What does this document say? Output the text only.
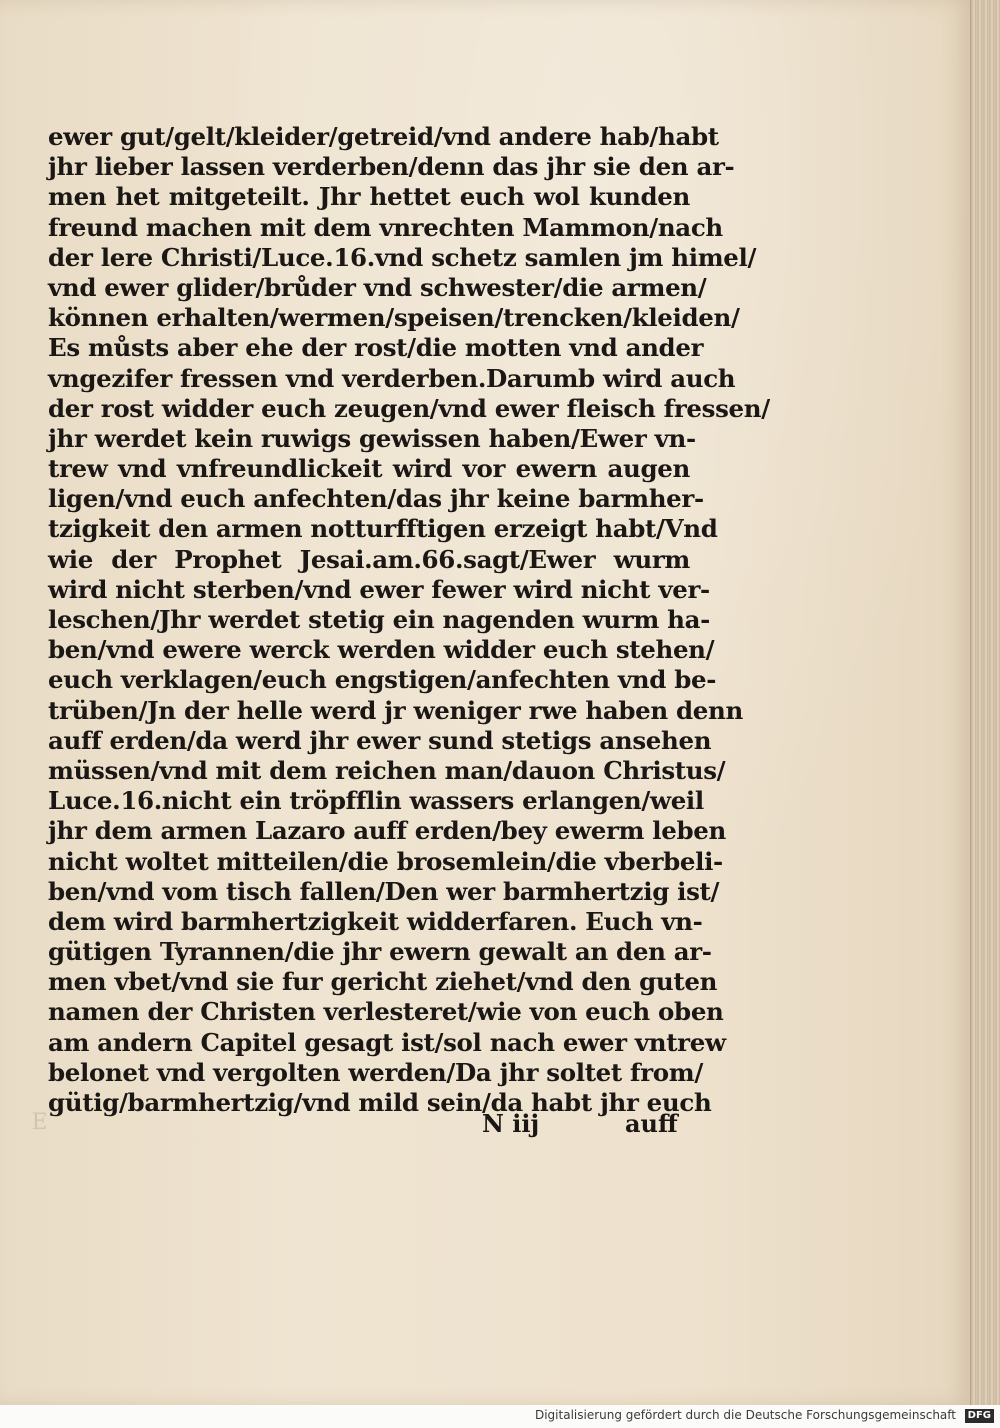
Ǝ
ewer gut/gelt/kleider/getreid/vnd andere hab/habt
jhr lieber lassen verderben/denn das jhr sie den ar-
men het mitgeteilt. Jhr hettet euch wol kunden
freund machen mit dem vnrechten Mammon/nach
der lere Christi/Luce.16.vnd schetz samlen jm himel/
vnd ewer glider/brůder vnd schwester/die armen/
können erhalten/wermen/speisen/trencken/kleiden/
Es můsts aber ehe der rost/die motten vnd ander
vngezifer fressen vnd verderben.Darumb wird auch
der rost widder euch zeugen/vnd ewer fleisch fressen/
jhr werdet kein ruwigs gewissen haben/Ewer vn-
trew vnd vnfreundlickeit wird vor ewern augen
ligen/vnd euch anfechten/das jhr keine barmher-
tzigkeit den armen notturfftigen erzeigt habt/Vnd
wie der Prophet Jesai.am.66.sagt/Ewer wurm
wird nicht sterben/vnd ewer fewer wird nicht ver-
leschen/Jhr werdet stetig ein nagenden wurm ha-
ben/vnd ewere werck werden widder euch stehen/
euch verklagen/euch engstigen/anfechten vnd be-
trüben/Jn der helle werd jr weniger rwe haben denn
auff erden/da werd jhr ewer sund stetigs ansehen
müssen/vnd mit dem reichen man/dauon Christus/
Luce.16.nicht ein tröpfflin wassers erlangen/weil
jhr dem armen Lazaro auff erden/bey ewerm leben
nicht woltet mitteilen/die brosemlein/die vberbeli-
ben/vnd vom tisch fallen/Den wer barmhertzig ist/
dem wird barmhertzigkeit widderfaren. Euch vn-
gütigen Tyrannen/die jhr ewern gewalt an den ar-
men vbet/vnd sie fur gericht ziehet/vnd den guten
namen der Christen verlesteret/wie von euch oben
am andern Capitel gesagt ist/sol nach ewer vntrew
belonet vnd vergolten werden/Da jhr soltet from/
gütig/barmhertzig/vnd mild sein/da habt jhr euch
N iij	auff
Digitalisierung gefördert durch die Deutsche Forschungsgemeinschaft	DFG
